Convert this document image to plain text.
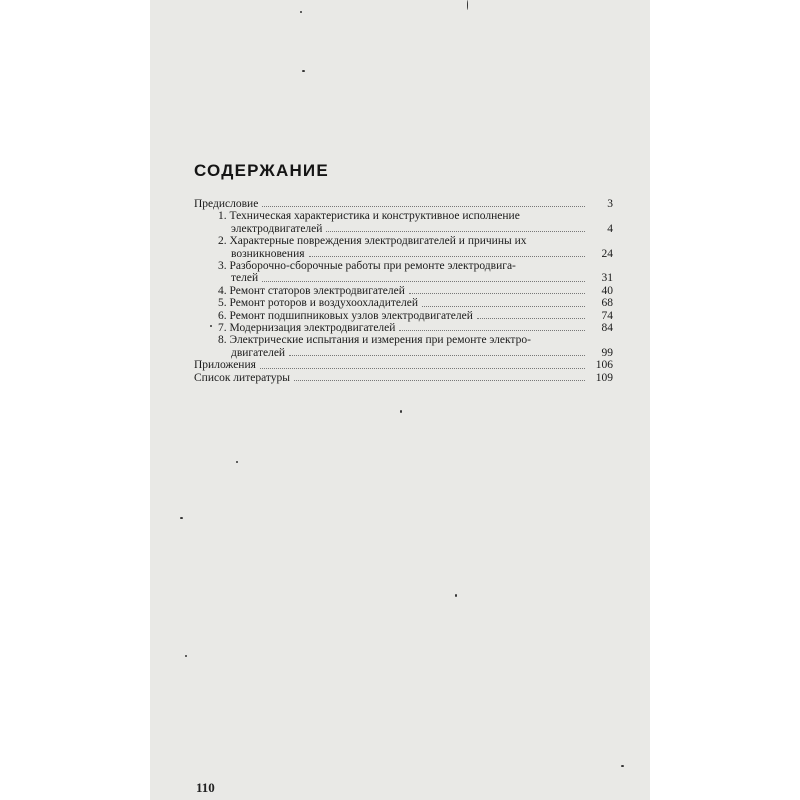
СОДЕРЖАНИЕ
Предисловие	3
1. Техническая характеристика и конструктивное исполнение
электродвигателей	4
2. Характерные повреждения электродвигателей и причины их
возникновения	24
3. Разборочно-сборочные работы при ремонте электродвига-
телей	31
4. Ремонт статоров электродвигателей	40
5. Ремонт роторов и воздухоохладителей	68
6. Ремонт подшипниковых узлов электродвигателей	74
7. Модернизация электродвигателей	84
8. Электрические испытания и измерения при ремонте электро-
двигателей	99
Приложения	106
Список литературы	109
110
